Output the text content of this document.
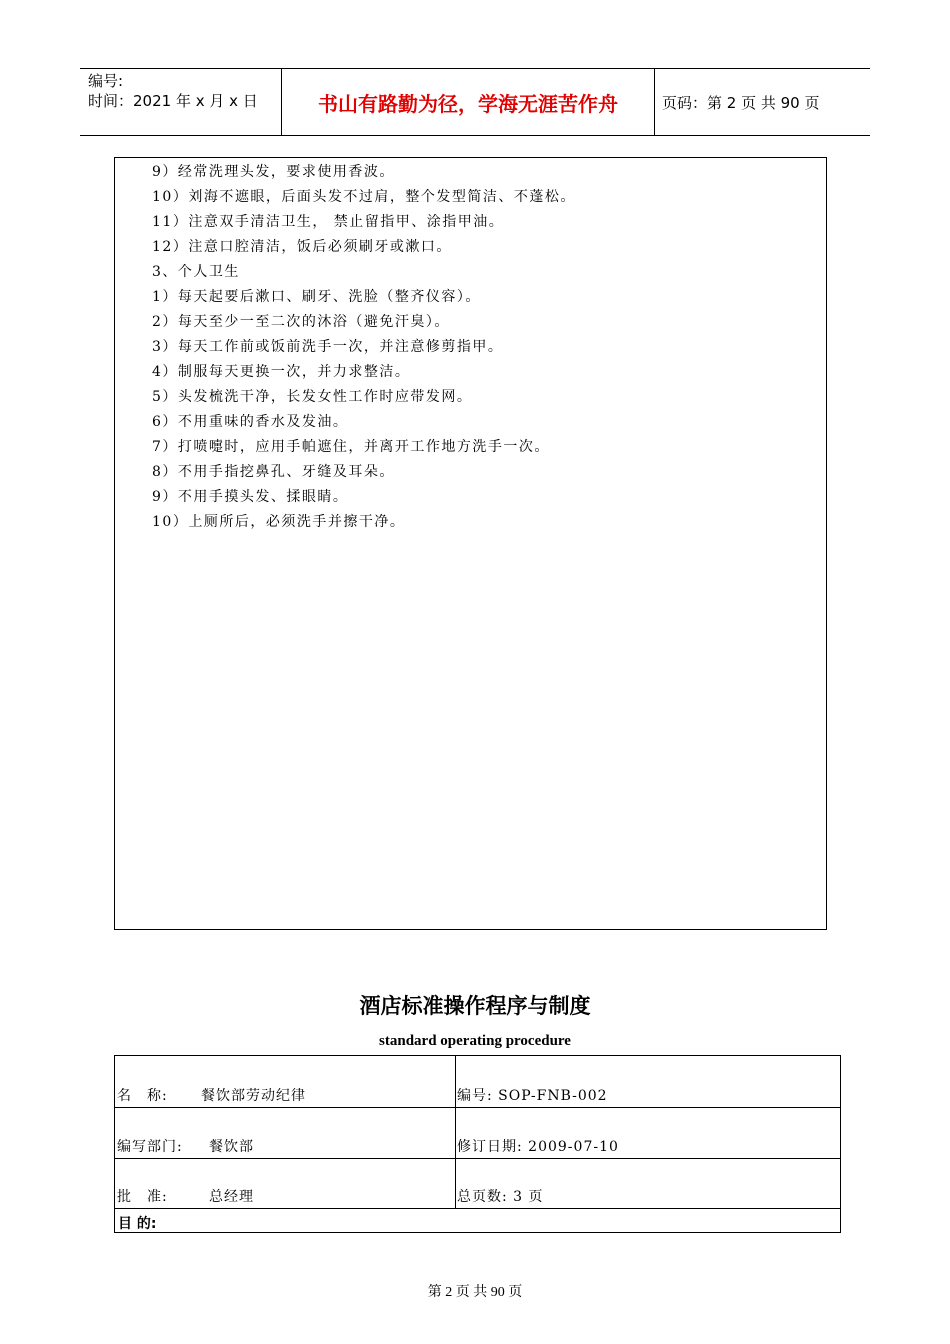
编号:
时间：2021 年 x 月 x 日	书山有路勤为径，学海无涯苦作舟	页码：第 2 页 共 90 页
9）经常洗理头发，要求使用香波。
10）刘海不遮眼，后面头发不过肩，整个发型简洁、不蓬松。
11）注意双手清洁卫生， 禁止留指甲、涂指甲油。
12）注意口腔清洁，饭后必须刷牙或漱口。
3、个人卫生
1）每天起要后漱口、刷牙、洗脸（整齐仪容）。
2）每天至少一至二次的沐浴（避免汗臭）。
3）每天工作前或饭前洗手一次，并注意修剪指甲。
4）制服每天更换一次，并力求整洁。
5）头发梳洗干净，长发女性工作时应带发网。
6）不用重味的香水及发油。
7）打喷嚏时，应用手帕遮住，并离开工作地方洗手一次。
8）不用手指挖鼻孔、牙缝及耳朵。
9）不用手摸头发、揉眼睛。
10）上厕所后，必须洗手并擦干净。
酒店标准操作程序与制度
standard operating procedure
名　称: 餐饮部劳动纪律	编号: SOP-FNB-002
编写部门: 餐饮部	修订日期: 2009-07-10
批　准:	总经理	总页数: 3 页
目 的:
第 2 页 共 90 页
